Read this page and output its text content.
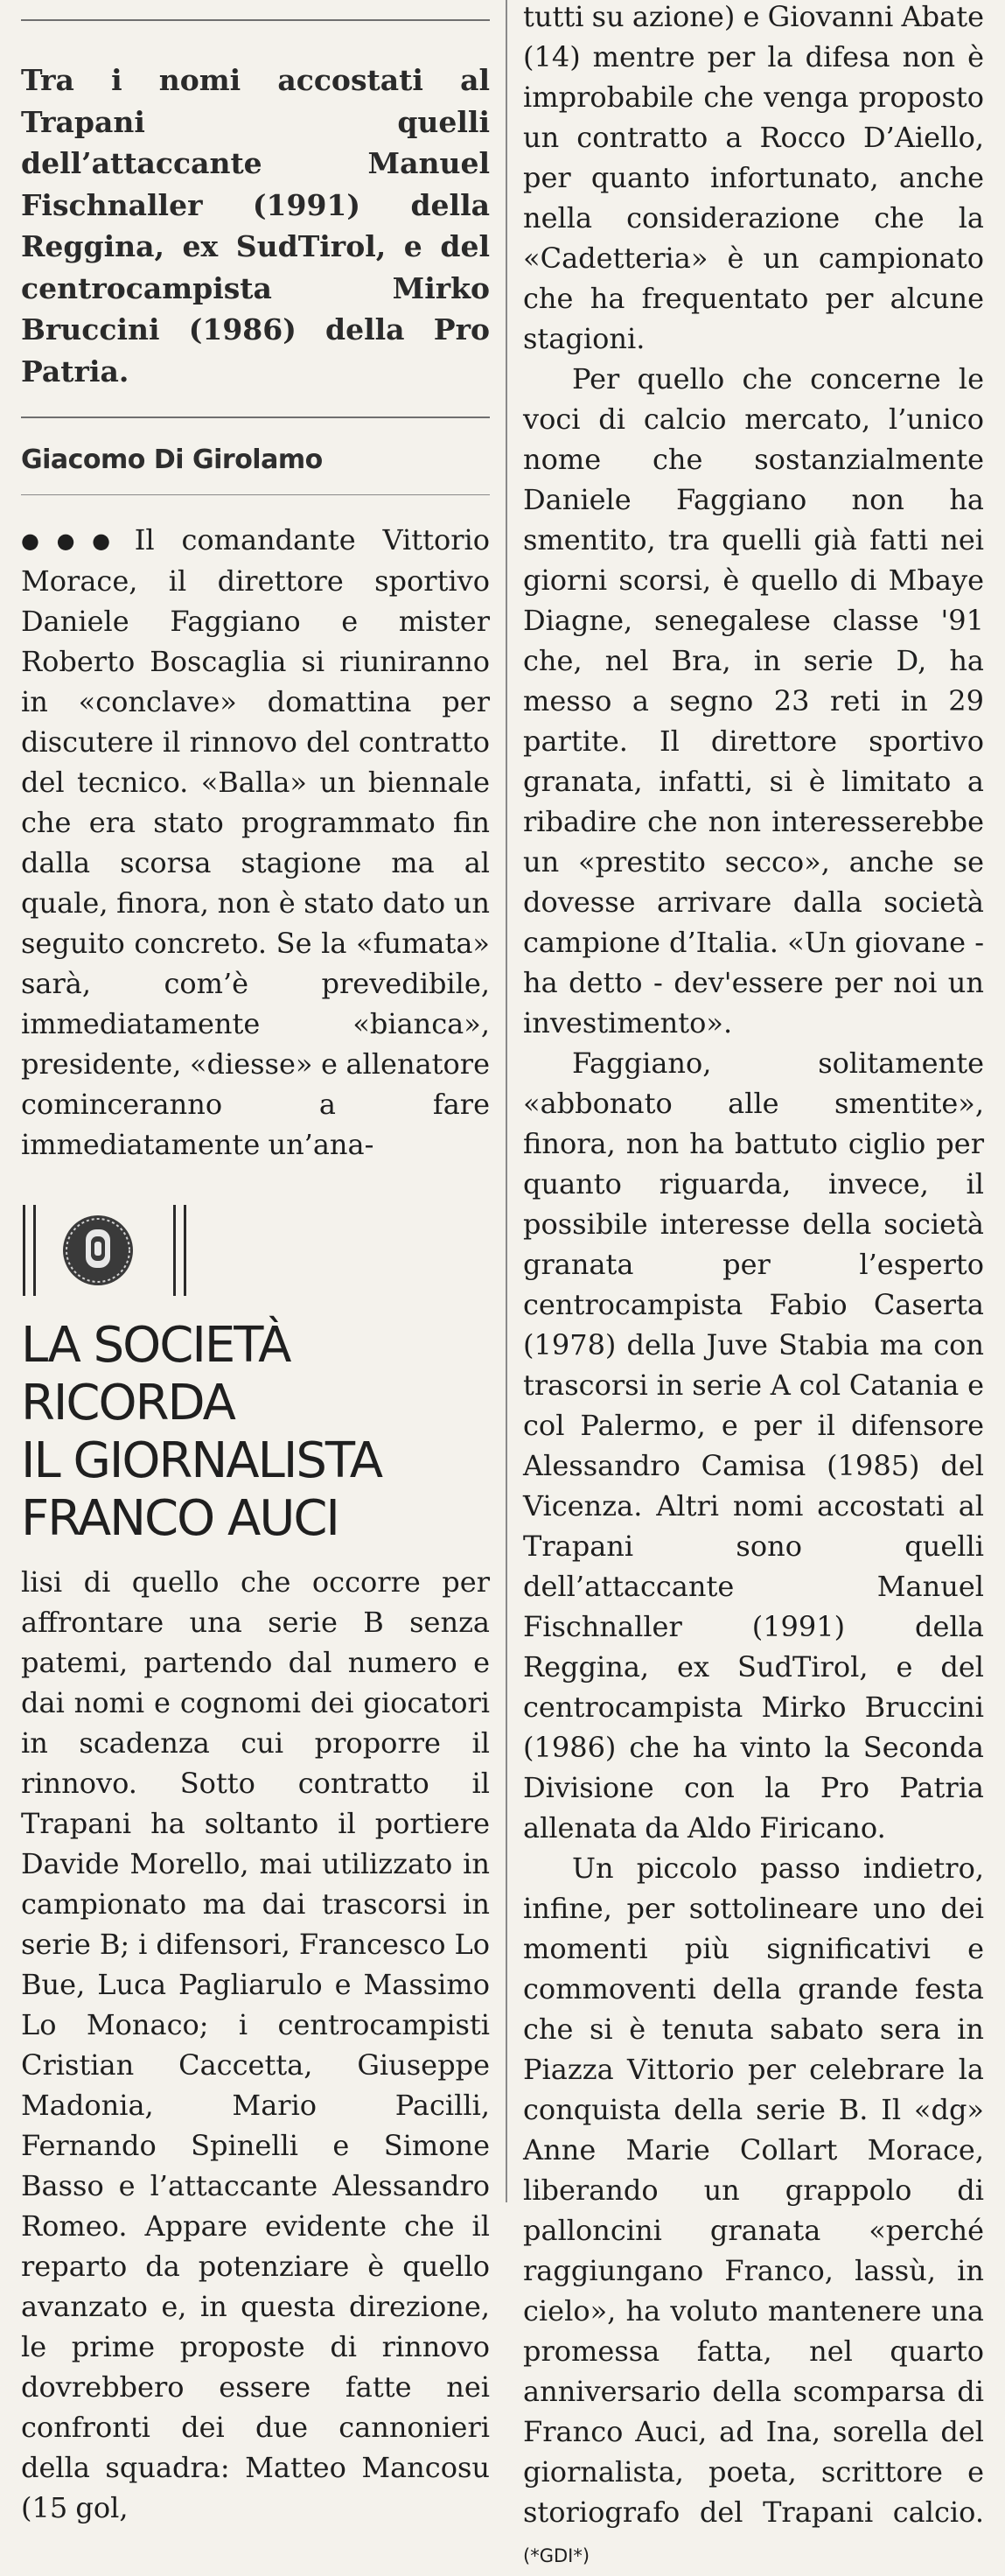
Tra i nomi accostati al Trapani quelli dell’attaccante Manuel Fischnaller (1991) della Reggina, ex SudTirol, e del centrocampista Mirko Bruccini (1986) della Pro Patria.

Giacomo Di Girolamo

●●● Il comandante Vittorio Morace, il direttore sportivo Daniele Faggiano e mister Roberto Boscaglia si riuniranno in «conclave» domattina per discutere il rinnovo del contratto del tecnico. «Balla» un biennale che era stato programmato fin dalla scorsa stagione ma al quale, finora, non è stato dato un seguito concreto. Se la «fumata» sarà, com’è prevedibile, immediatamente «bianca», presidente, «diesse» e allenatore cominceranno a fare immediatamente un’ana-

LA SOCIETÀ
RICORDA
IL GIORNALISTA
FRANCO AUCI

lisi di quello che occorre per affrontare una serie B senza patemi, partendo dal numero e dai nomi e cognomi dei giocatori in scadenza cui proporre il rinnovo. Sotto contratto il Trapani ha soltanto il portiere Davide Morello, mai utilizzato in campionato ma dai trascorsi in serie B; i difensori, Francesco Lo Bue, Luca Pagliarulo e Massimo Lo Monaco; i centrocampisti Cristian Caccetta, Giuseppe Madonia, Mario Pacilli, Fernando Spinelli e Simone Basso e l’attaccante Alessandro Romeo. Appare evidente che il reparto da potenziare è quello avanzato e, in questa direzione, le prime proposte di rinnovo dovrebbero essere fatte nei confronti dei due cannonieri della squadra: Matteo Mancosu (15 gol,

tutti su azione) e Giovanni Abate (14) mentre per la difesa non è improbabile che venga proposto un contratto a Rocco D’Aiello, per quanto infortunato, anche nella considerazione che la «Cadetteria» è un campionato che ha frequentato per alcune stagioni.

Per quello che concerne le voci di calcio mercato, l’unico nome che sostanzialmente Daniele Faggiano non ha smentito, tra quelli già fatti nei giorni scorsi, è quello di Mbaye Diagne, senegalese classe '91 che, nel Bra, in serie D, ha messo a segno 23 reti in 29 partite. Il direttore sportivo granata, infatti, si è limitato a ribadire che non interesserebbe un «prestito secco», anche se dovesse arrivare dalla società campione d’Italia. «Un giovane - ha detto - dev'essere per noi un investimento».

Faggiano, solitamente «abbonato alle smentite», finora, non ha battuto ciglio per quanto riguarda, invece, il possibile interesse della società granata per l’esperto centrocampista Fabio Caserta (1978) della Juve Stabia ma con trascorsi in serie A col Catania e col Palermo, e per il difensore Alessandro Camisa (1985) del Vicenza. Altri nomi accostati al Trapani sono quelli dell’attaccante Manuel Fischnaller (1991) della Reggina, ex SudTirol, e del centrocampista Mirko Bruccini (1986) che ha vinto la Seconda Divisione con la Pro Patria allenata da Aldo Firicano.

Un piccolo passo indietro, infine, per sottolineare uno dei momenti più significativi e commoventi della grande festa che si è tenuta sabato sera in Piazza Vittorio per celebrare la conquista della serie B. Il «dg» Anne Marie Collart Morace, liberando un grappolo di palloncini granata «perché raggiungano Franco, lassù, in cielo», ha voluto mantenere una promessa fatta, nel quarto anniversario della scomparsa di Franco Auci, ad Ina, sorella del giornalista, poeta, scrittore e storiografo del Trapani calcio.(*GDI*)
